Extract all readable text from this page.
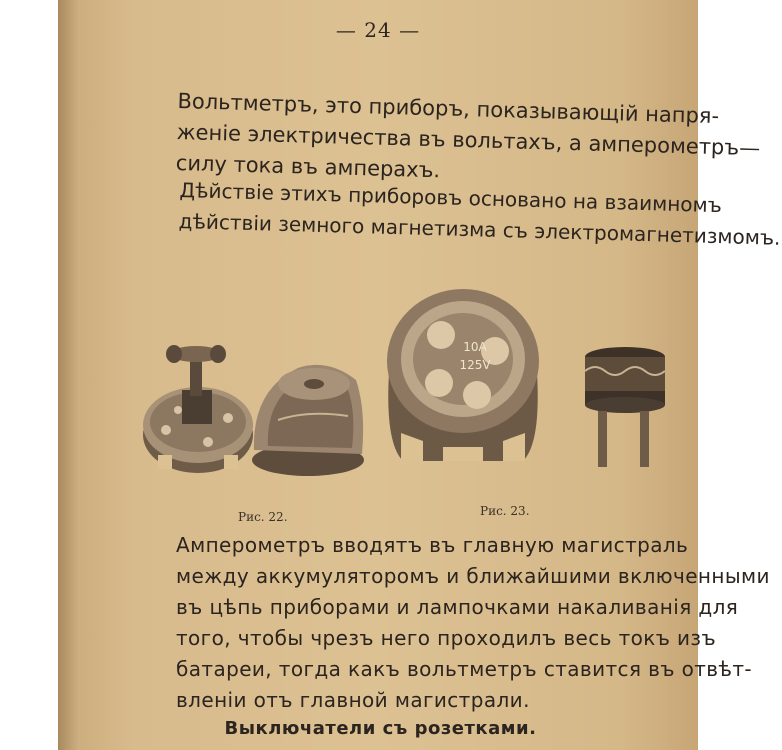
— 24 —
Вольтметръ, это приборъ, показывающій напря-
женіе электричества въ вольтахъ, а амперометръ—
силу тока въ амперахъ.
Дѣйствіе этихъ приборовъ основано на взаимномъ
дѣйствіи земного магнетизма съ электромагнетизмомъ.
10A
125V
Рис. 22.	Рис. 23.
Амперометръ вводятъ въ главную магистраль
между аккумуляторомъ и ближайшими включенными
въ цѣпь приборами и лампочками накаливанія для
того, чтобы чрезъ него проходилъ весь токъ изъ
батареи, тогда какъ вольтметръ ставится въ отвѣт-
вленіи отъ главной магистрали.
Выключатели съ розетками.
